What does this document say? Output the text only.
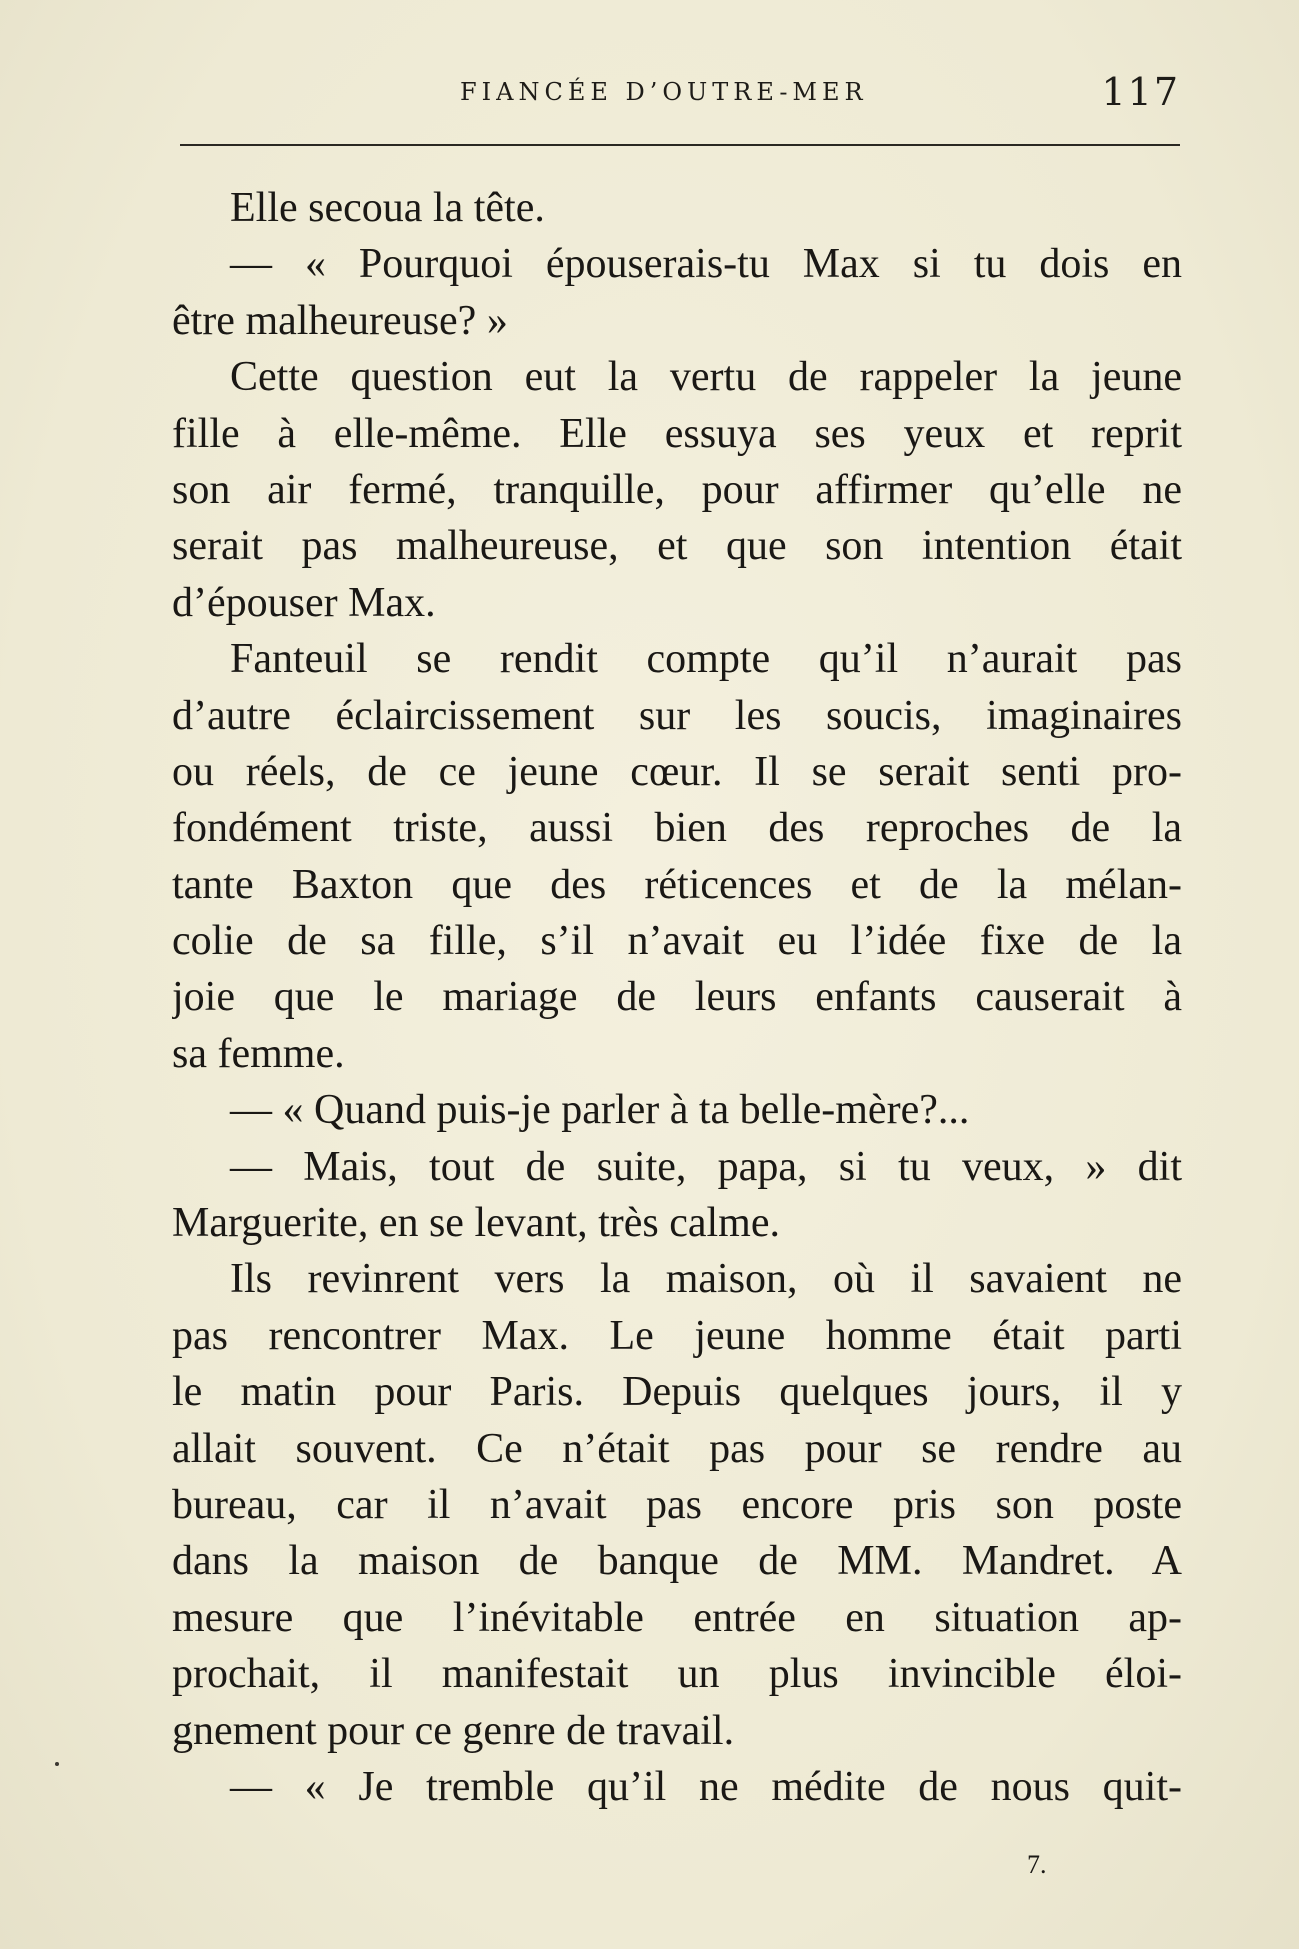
FIANCÉE D’OUTRE-MER	117
Elle secoua la tête.
— « Pourquoi épouserais-tu Max si tu dois en
être malheureuse? »
Cette question eut la vertu de rappeler la jeune
fille à elle-même. Elle essuya ses yeux et reprit
son air fermé, tranquille, pour affirmer qu’elle ne
serait pas malheureuse, et que son intention était
d’épouser Max.
Fanteuil se rendit compte qu’il n’aurait pas
d’autre éclaircissement sur les soucis, imaginaires
ou réels, de ce jeune cœur. Il se serait senti pro-
fondément triste, aussi bien des reproches de la
tante Baxton que des réticences et de la mélan-
colie de sa fille, s’il n’avait eu l’idée fixe de la
joie que le mariage de leurs enfants causerait à
sa femme.
— « Quand puis-je parler à ta belle-mère?...
— Mais, tout de suite, papa, si tu veux, » dit
Marguerite, en se levant, très calme.
Ils revinrent vers la maison, où il savaient ne
pas rencontrer Max. Le jeune homme était parti
le matin pour Paris. Depuis quelques jours, il y
allait souvent. Ce n’était pas pour se rendre au
bureau, car il n’avait pas encore pris son poste
dans la maison de banque de MM. Mandret. A
mesure que l’inévitable entrée en situation ap-
prochait, il manifestait un plus invincible éloi-
gnement pour ce genre de travail.
— « Je tremble qu’il ne médite de nous quit-
7.
